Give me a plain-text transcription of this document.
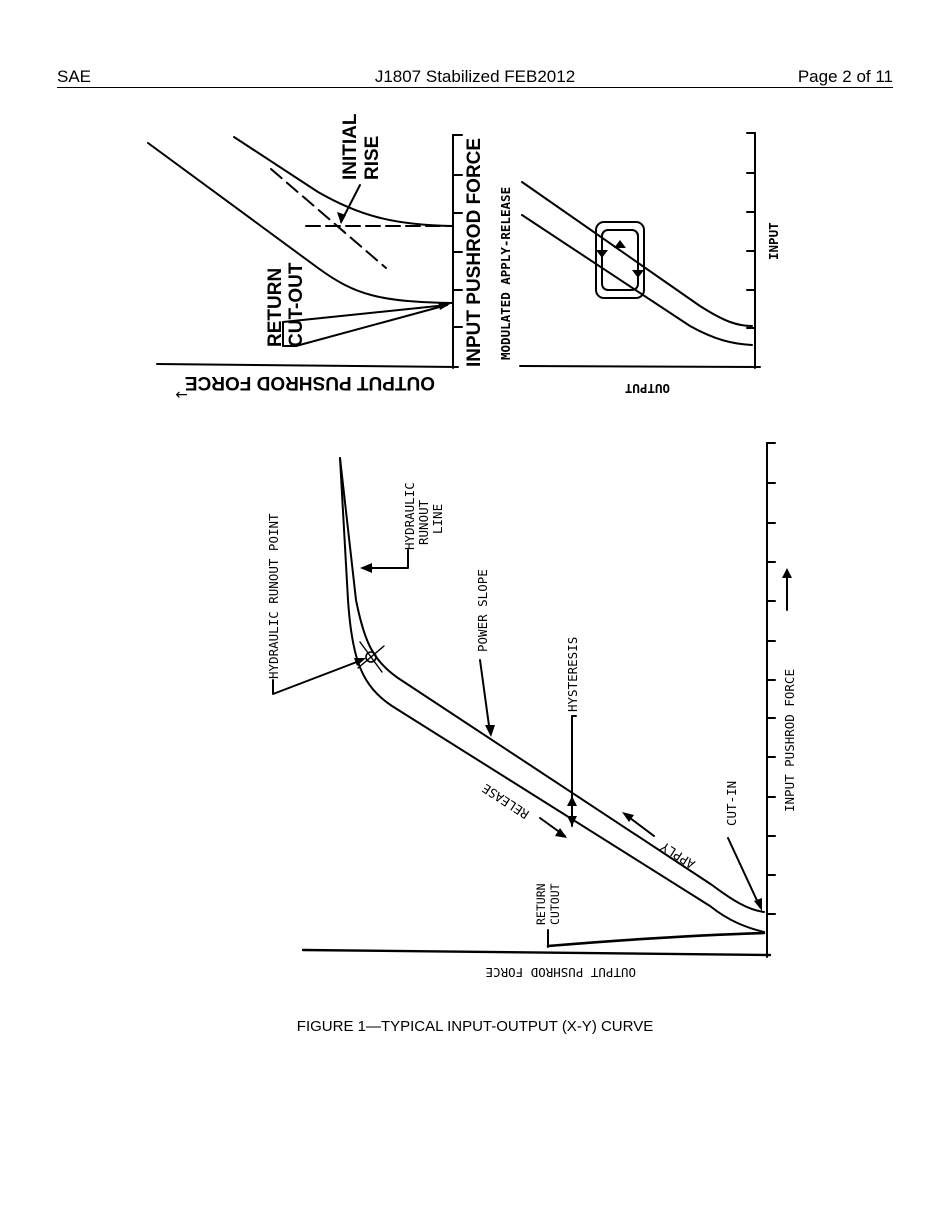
SAE	J1807 Stabilized FEB2012	Page 2 of 11
INPUT PUSHROD FORCE
OUTPUT PUSHROD FORCE
→
INITIAL RISE
RETURN CUT-OUT	MODULATED APPLY-RELEASE	INPUT
OUTPUT
HYDRAULIC RUNOUT POINT	HYDRAULIC RUNOUT LINE
POWER SLOPE
HYSTERESIS
RELEASE
APPLY
CUT-IN
RETURN CUTOUT
INPUT PUSHROD FORCE
OUTPUT PUSHROD FORCE
FIGURE 1—TYPICAL INPUT-OUTPUT (X-Y) CURVE
